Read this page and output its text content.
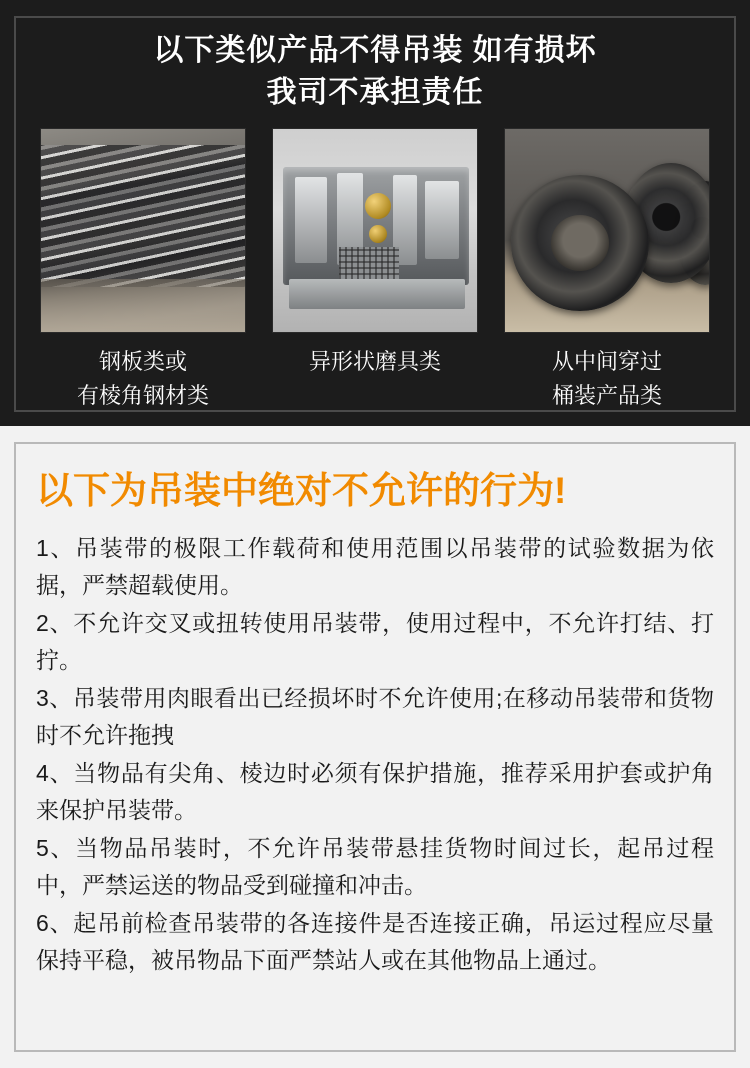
以下类似产品不得吊装 如有损坏
我司不承担责任
钢板类或
有棱角钢材类
异形状磨具类	从中间穿过
桶装产品类
以下为吊装中绝对不允许的行为!
1、吊装带的极限工作载荷和使用范围以吊装带的试验数据为依据，严禁超载使用。
2、不允许交叉或扭转使用吊装带，使用过程中，不允许打结、打拧。
3、吊装带用肉眼看出已经损坏时不允许使用;在移动吊装带和货物时不允许拖拽
4、当物品有尖角、棱边时必须有保护措施，推荐采用护套或护角来保护吊装带。
5、当物品吊装时，不允许吊装带悬挂货物时间过长，起吊过程中，严禁运送的物品受到碰撞和冲击。
6、起吊前检查吊装带的各连接件是否连接正确，吊运过程应尽量保持平稳，被吊物品下面严禁站人或在其他物品上通过。
